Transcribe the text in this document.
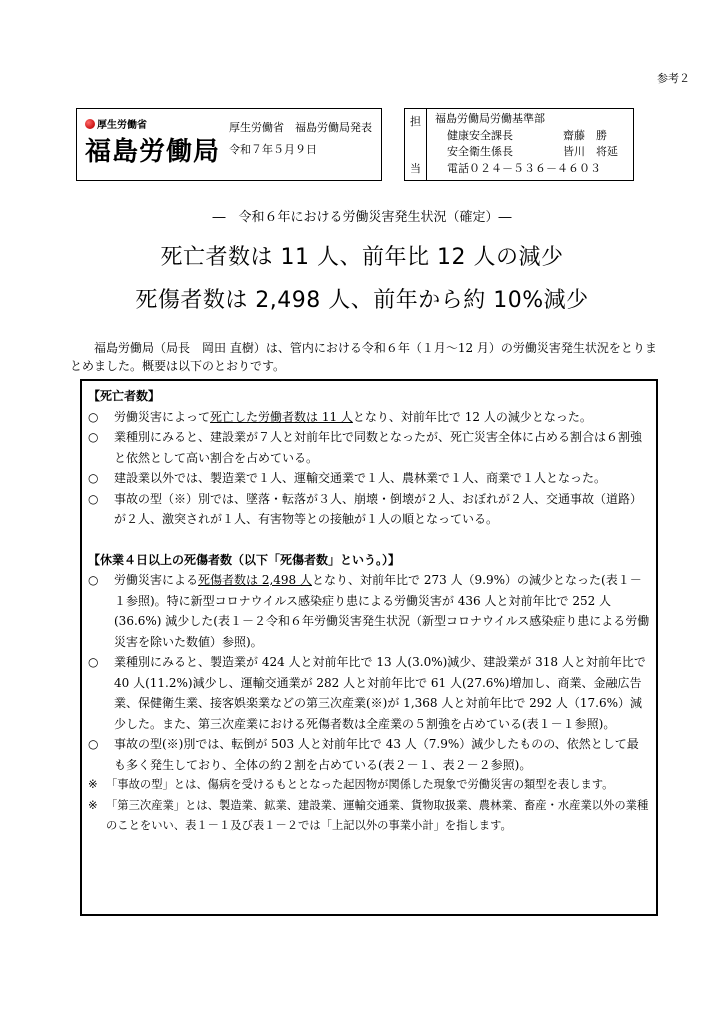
参考２
厚生労働省
福島労働局
厚生労働省　福島労働局発表
令和７年５月９日
担
当
福島労働局労働基準部
健康安全課長	齋藤　勝
安全衛生係長	皆川　将延
電話０２４－５３６－４６０３
―　令和６年における労働災害発生状況（確定）―
死亡者数は 11 人、前年比 12 人の減少
死傷者数は 2,498 人、前年から約 10%減少
福島労働局（局長　岡田 直樹）は、管内における令和６年（１月～12 月）の労働災害発生状況をとりまとめました。概要は以下のとおりです。
【死亡者数】
○	労働災害によって死亡した労働者数は 11 人となり、対前年比で 12 人の減少となった。
○	業種別にみると、建設業が７人と対前年比で同数となったが、死亡災害全体に占める割合は６割強と依然として高い割合を占めている。
○	建設業以外では、製造業で１人、運輸交通業で１人、農林業で１人、商業で１人となった。
○	事故の型（※）別では、墜落・転落が３人、崩壊・倒壊が２人、おぼれが２人、交通事故（道路）が２人、激突されが１人、有害物等との接触が１人の順となっている。
【休業４日以上の死傷者数（以下「死傷者数」という。）】
○	労働災害による死傷者数は 2,498 人となり、対前年比で 273 人（9.9%）の減少となった(表１－１参照)。特に新型コロナウイルス感染症り患による労働災害が 436 人と対前年比で 252 人(36.6%) 減少した(表１－２令和６年労働災害発生状況（新型コロナウイルス感染症り患による労働災害を除いた数値）参照)。
○	業種別にみると、製造業が 424 人と対前年比で 13 人(3.0%)減少、建設業が 318 人と対前年比で 40 人(11.2%)減少し、運輸交通業が 282 人と対前年比で 61 人(27.6%)増加し、商業、金融広告業、保健衛生業、接客娯楽業などの第三次産業(※)が 1,368 人と対前年比で 292 人（17.6%）減少した。また、第三次産業における死傷者数は全産業の５割強を占めている(表１－１参照)。
○	事故の型(※)別では、転倒が 503 人と対前年比で 43 人（7.9%）減少したものの、依然として最も多く発生しており、全体の約２割を占めている(表２－１、表２－２参照)。
※ 「事故の型」とは、傷病を受けるもととなった起因物が関係した現象で労働災害の類型を表します。
※ 「第三次産業」とは、製造業、鉱業、建設業、運輸交通業、貨物取扱業、農林業、畜産・水産業以外の業種のことをいい、表１－１及び表１－２では「上記以外の事業小計」を指します。
